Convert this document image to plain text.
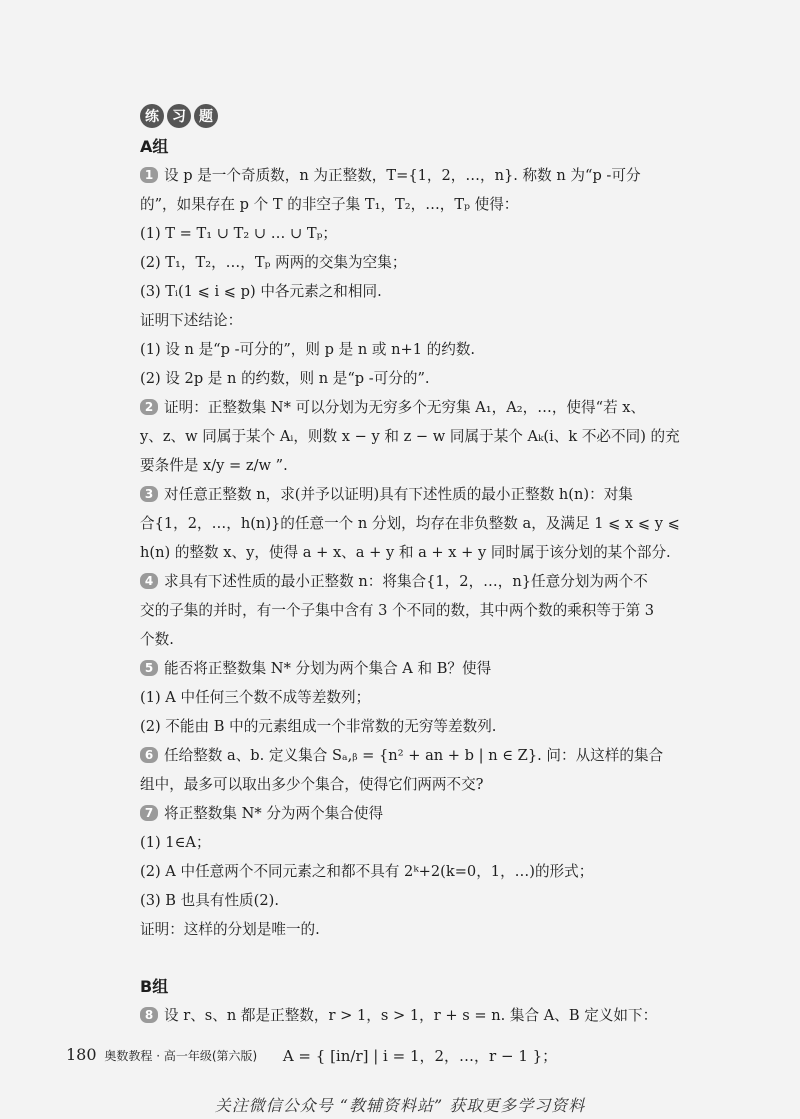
练 习 题
A组

1 设 p 是一个奇质数，n 为正整数，T={1，2，…，n}. 称数 n 为“p -可分

的”，如果存在 p 个 T 的非空子集 T₁，T₂，…，Tₚ 使得：

(1) T = T₁ ∪ T₂ ∪ … ∪ Tₚ；

(2) T₁，T₂，…，Tₚ 两两的交集为空集；

(3) Tᵢ(1 ⩽ i ⩽ p) 中各元素之和相同.

证明下述结论：

(1) 设 n 是“p -可分的”，则 p 是 n 或 n+1 的约数.

(2) 设 2p 是 n 的约数，则 n 是“p -可分的”.

2 证明：正整数集 N* 可以分划为无穷多个无穷集 A₁，A₂，…，使得“若 x、

y、z、w 同属于某个 Aᵢ，则数 x − y 和 z − w 同属于某个 Aₖ(i、k 不必不同) 的充

要条件是 x/y = z/w ”.

3 对任意正整数 n，求(并予以证明)具有下述性质的最小正整数 h(n)：对集

合{1，2，…，h(n)}的任意一个 n 分划，均存在非负整数 a，及满足 1 ⩽ x ⩽ y ⩽

h(n) 的整数 x、y，使得 a + x、a + y 和 a + x + y 同时属于该分划的某个部分.

4 求具有下述性质的最小正整数 n：将集合{1，2，…，n}任意分划为两个不

交的子集的并时，有一个子集中含有 3 个不同的数，其中两个数的乘积等于第 3

个数.

5 能否将正整数集 N* 分划为两个集合 A 和 B？使得

(1) A 中任何三个数不成等差数列；

(2) 不能由 B 中的元素组成一个非常数的无穷等差数列.

6 任给整数 a、b. 定义集合 Sₐ,ᵦ = {n² + an + b | n ∈ Z}. 问：从这样的集合

组中，最多可以取出多少个集合，使得它们两两不交?

7 将正整数集 N* 分为两个集合使得

(1) 1∈A；

(2) A 中任意两个不同元素之和都不具有 2ᵏ+2(k=0，1，…)的形式；

(3) B 也具有性质(2).

证明：这样的分划是唯一的.

B组

8 设 r、s、n 都是正整数，r > 1，s > 1，r + s = n. 集合 A、B 定义如下：

A = { [in/r] | i = 1，2，…，r − 1 }；
180 奥数教程 · 高一年级(第六版)
关注微信公众号 “教辅资料站” 获取更多学习资料
